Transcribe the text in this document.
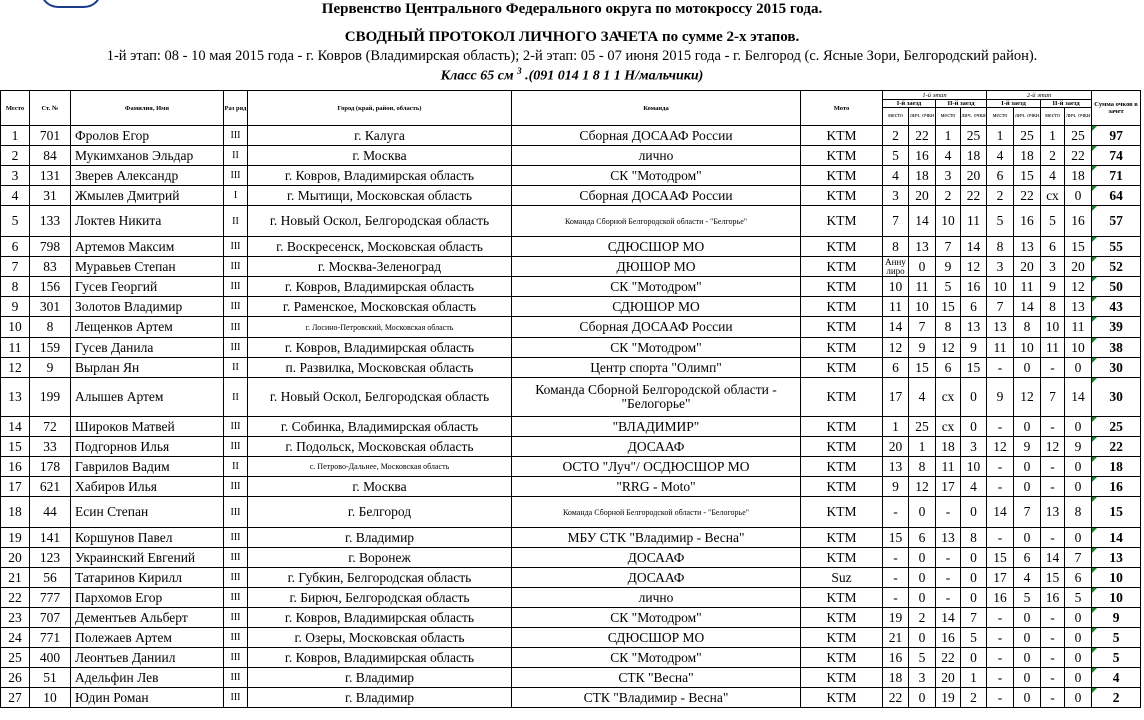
Первенство Центрального Федерального округа по мотокроссу 2015 года.
СВОДНЫЙ ПРОТОКОЛ ЛИЧНОГО ЗАЧЕТА по сумме 2-х этапов.
1-й этап: 08 - 10 мая 2015 года - г. Ковров (Владимирская область); 2-й этап: 05 - 07 июня 2015 года - г. Белгород (с. Ясные Зори, Белгородский район).
Класс 65 см $^3$ .(091 014 1 8 1 1 Н/мальчики)
Место	Ст. №	Фамилия, Имя	Раз ряд	Город (край, район, область)	Команда	Мото	1-й этап				2-й этап				Сумма очков в зачет
							I-й заезд		II-й заезд		I-й заезд		II-й заезд		
							место	лич. очки	место	лич. очки	место	лич. очки	место	лич. очки	
1	701	Фролов Егор	III	г. Калуга	Сборная ДОСААФ России	KTM	2	22	1	25	1	25	1	25	97
2	84	Мукимханов Эльдар	II	г. Москва	лично	KTM	5	16	4	18	4	18	2	22	74
3	131	Зверев Александр	III	г. Ковров, Владимирская область	СК "Мотодром"	KTM	4	18	3	20	6	15	4	18	71
4	31	Жмылев Дмитрий	I	г. Мытищи, Московская область	Сборная ДОСААФ России	KTM	3	20	2	22	2	22	сх	0	64
5	133	Локтев Никита	II	г. Новый Оскол, Белгородская область	Команда Сборной Белгородской области - "Белгорье"	KTM	7	14	10	11	5	16	5	16	57
6	798	Артемов Максим	III	г. Воскресенск, Московская область	СДЮСШОР МО	KTM	8	13	7	14	8	13	6	15	55
7	83	Муравьев Степан	III	г. Москва-Зеленоград	ДЮШОР МО	KTM	Анну лиро	0	9	12	3	20	3	20	52
8	156	Гусев Георгий	III	г. Ковров, Владимирская область	СК "Мотодром"	KTM	10	11	5	16	10	11	9	12	50
9	301	Золотов Владимир	III	г. Раменское, Московская область	СДЮШОР МО	KTM	11	10	15	6	7	14	8	13	43
10	8	Лещенков Артем	III	г. Лосино-Петровский, Московская область	Сборная ДОСААФ России	KTM	14	7	8	13	13	8	10	11	39
11	159	Гусев Данила	III	г. Ковров, Владимирская область	СК "Мотодром"	KTM	12	9	12	9	11	10	11	10	38
12	9	Вырлан Ян	II	п. Развилка, Московская область	Центр спорта "Олимп"	KTM	6	15	6	15	-	0	-	0	30
13	199	Алышев Артем	II	г. Новый Оскол, Белгородская область	Команда Сборной Белгородской области - "Белогорье"	KTM	17	4	сх	0	9	12	7	14	30
14	72	Широков Матвей	III	г. Собинка, Владимирская область	"ВЛАДИМИР"	KTM	1	25	сх	0	-	0	-	0	25
15	33	Подгорнов Илья	III	г. Подольск, Московская область	ДОСААФ	KTM	20	1	18	3	12	9	12	9	22
16	178	Гаврилов Вадим	II	с. Петрово-Дальнее, Московская область	ОСТО "Луч"/ ОСДЮСШОР МО	KTM	13	8	11	10	-	0	-	0	18
17	621	Хабиров Илья	III	г. Москва	"RRG - Moto"	KTM	9	12	17	4	-	0	-	0	16
18	44	Есин Степан	III	г. Белгород	Команда Сборной Белгородской области - "Белогорье"	KTM	-	0	-	0	14	7	13	8	15
19	141	Коршунов Павел	III	г. Владимир	МБУ СТК "Владимир - Весна"	KTM	15	6	13	8	-	0	-	0	14
20	123	Украинский Евгений	III	г. Воронеж	ДОСААФ	KTM	-	0	-	0	15	6	14	7	13
21	56	Татаринов Кирилл	III	г. Губкин, Белгородская область	ДОСААФ	Suz	-	0	-	0	17	4	15	6	10
22	777	Пархомов Егор	III	г. Бирюч, Белгородская область	лично	KTM	-	0	-	0	16	5	16	5	10
23	707	Дементьев Альберт	III	г. Ковров, Владимирская область	СК "Мотодром"	KTM	19	2	14	7	-	0	-	0	9
24	771	Полежаев Артем	III	г. Озеры, Московская область	СДЮСШОР МО	KTM	21	0	16	5	-	0	-	0	5
25	400	Леонтьев Даниил	III	г. Ковров, Владимирская область	СК "Мотодром"	KTM	16	5	22	0	-	0	-	0	5
26	51	Адельфин Лев	III	г. Владимир	СТК "Весна"	KTM	18	3	20	1	-	0	-	0	4
27	10	Юдин Роман	III	г. Владимир	СТК "Владимир - Весна"	KTM	22	0	19	2	-	0	-	0	2
